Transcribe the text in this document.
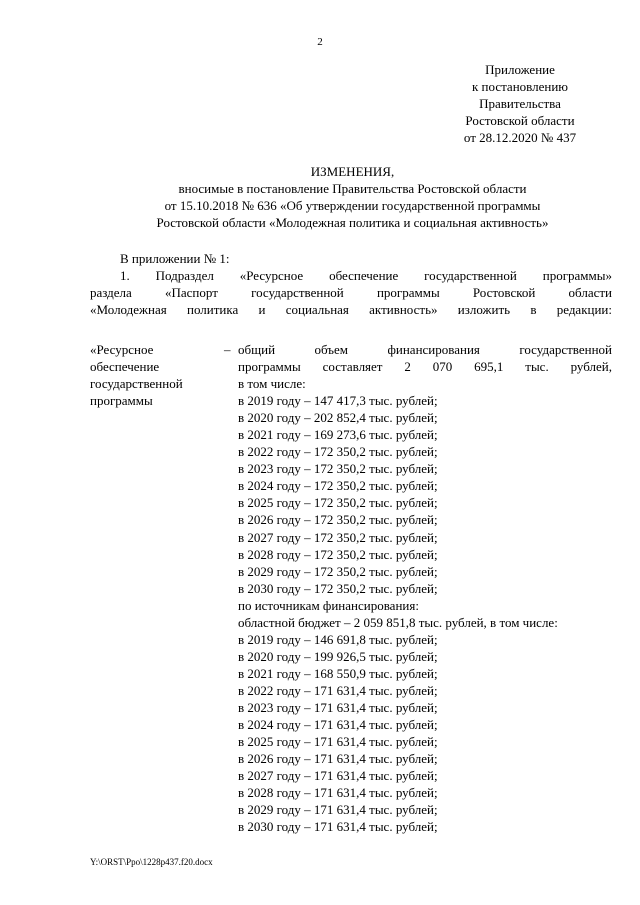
2
Приложение
к постановлению
Правительства
Ростовской области
от 28.12.2020 № 437
ИЗМЕНЕНИЯ,
вносимые в постановление Правительства Ростовской области
от 15.10.2018 № 636 «Об утверждении государственной программы
Ростовской области «Молодежная политика и социальная активность»
В приложении № 1:
1. Подраздел «Ресурсное обеспечение государственной программы»
раздела «Паспорт государственной программы Ростовской области
«Молодежная политика и социальная активность» изложить в редакции:
«Ресурсное
обеспечение
государственной
программы
– общий объем финансирования государственной
программы составляет 2 070 695,1 тыс. рублей,
в том числе:
в 2019 году – 147 417,3 тыс. рублей;
в 2020 году – 202 852,4 тыс. рублей;
в 2021 году – 169 273,6 тыс. рублей;
в 2022 году – 172 350,2 тыс. рублей;
в 2023 году – 172 350,2 тыс. рублей;
в 2024 году – 172 350,2 тыс. рублей;
в 2025 году – 172 350,2 тыс. рублей;
в 2026 году – 172 350,2 тыс. рублей;
в 2027 году – 172 350,2 тыс. рублей;
в 2028 году – 172 350,2 тыс. рублей;
в 2029 году – 172 350,2 тыс. рублей;
в 2030 году – 172 350,2 тыс. рублей;
по источникам финансирования:
областной бюджет – 2 059 851,8 тыс. рублей, в том числе:
в 2019 году – 146 691,8 тыс. рублей;
в 2020 году – 199 926,5 тыс. рублей;
в 2021 году – 168 550,9 тыс. рублей;
в 2022 году – 171 631,4 тыс. рублей;
в 2023 году – 171 631,4 тыс. рублей;
в 2024 году – 171 631,4 тыс. рублей;
в 2025 году – 171 631,4 тыс. рублей;
в 2026 году – 171 631,4 тыс. рублей;
в 2027 году – 171 631,4 тыс. рублей;
в 2028 году – 171 631,4 тыс. рублей;
в 2029 году – 171 631,4 тыс. рублей;
в 2030 году – 171 631,4 тыс. рублей;
Y:\ORST\Ppo\1228p437.f20.docx
